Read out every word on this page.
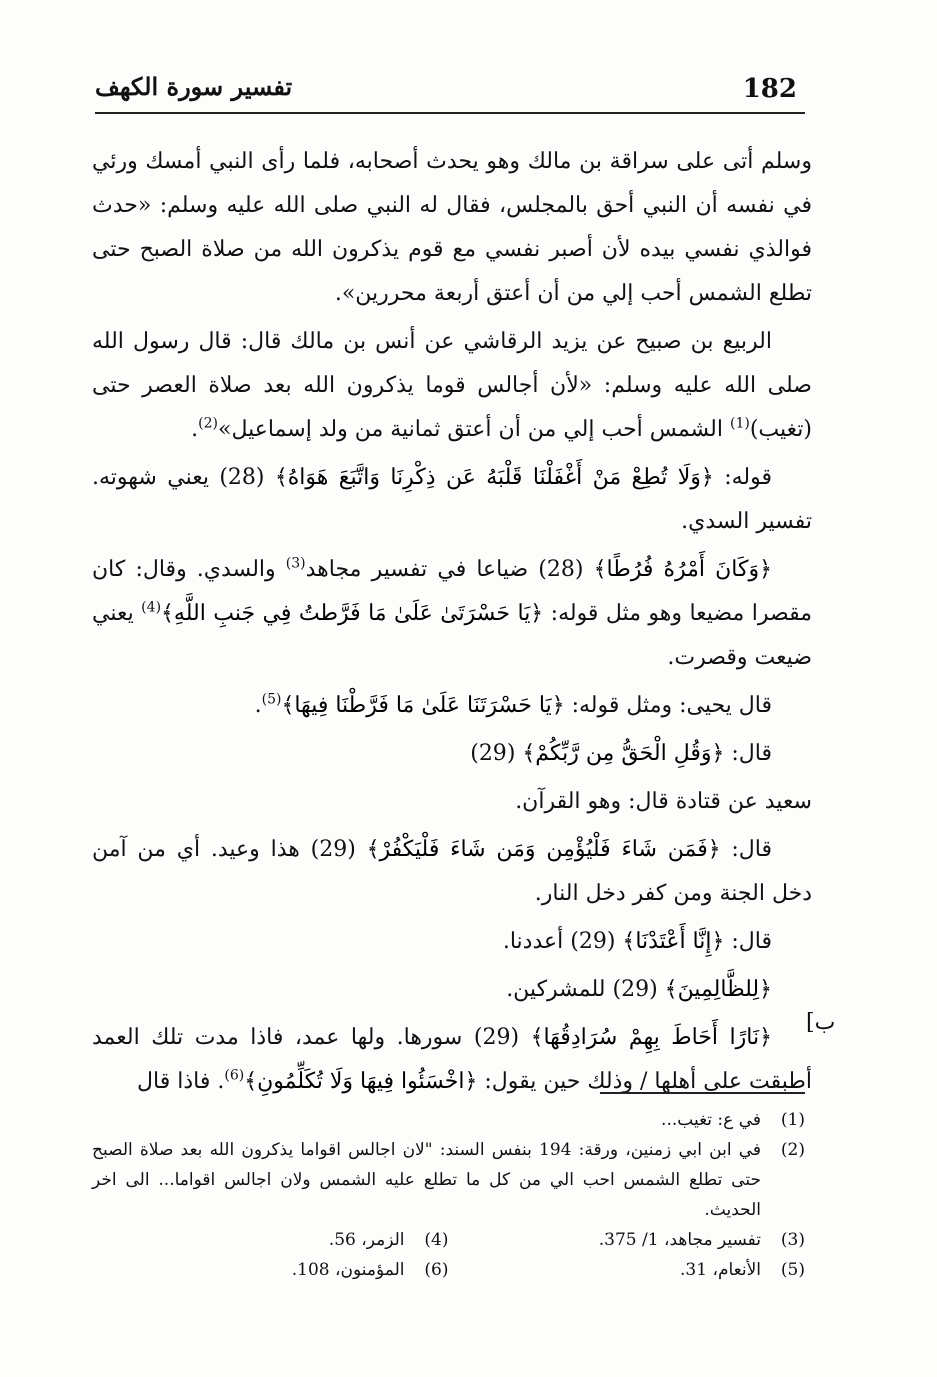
تفسير سورة الكهف	182

وسلم أتى على سراقة بن مالك وهو يحدث أصحابه، فلما رأى النبي أمسك ورئي في نفسه أن النبي أحق بالمجلس، فقال له النبي صلى الله عليه وسلم: «حدث فوالذي نفسي بيده لأن أصبر نفسي مع قوم يذكرون الله من صلاة الصبح حتى تطلع الشمس أحب إلي من أن أعتق أربعة محررين».

الربيع بن صبيح عن يزيد الرقاشي عن أنس بن مالك قال: قال رسول الله صلى الله عليه وسلم: «لأن أجالس قوما يذكرون الله بعد صلاة العصر حتى (تغيب)$^{(1)}$ الشمس أحب إلي من أن أعتق ثمانية من ولد إسماعيل»$^{(2)}$.

قوله: ﴿وَلَا تُطِعْ مَنْ أَغْفَلْنَا قَلْبَهُ عَن ذِكْرِنَا وَاتَّبَعَ هَوَاهُ﴾ (28) يعني شهوته. تفسير السدي.

﴿وَكَانَ أَمْرُهُ فُرُطًا﴾ (28) ضياعا في تفسير مجاهد$^{(3)}$ والسدي. وقال: كان مقصرا مضيعا وهو مثل قوله: ﴿يَا حَسْرَتَىٰ عَلَىٰ مَا فَرَّطتُ فِي جَنبِ اللَّهِ﴾$^{(4)}$ يعني ضيعت وقصرت.

قال يحيى: ومثل قوله: ﴿يَا حَسْرَتَنَا عَلَىٰ مَا فَرَّطْنَا فِيهَا﴾$^{(5)}$.

قال: ﴿وَقُلِ الْحَقُّ مِن رَّبِّكُمْ﴾ (29)

سعيد عن قتادة قال: وهو القرآن.

قال: ﴿فَمَن شَاءَ فَلْيُؤْمِن وَمَن شَاءَ فَلْيَكْفُرْ﴾ (29) هذا وعيد. أي من آمن دخل الجنة ومن كفر دخل النار.

قال: ﴿إِنَّا أَعْتَدْنَا﴾ (29) أعددنا.

﴿لِلظَّالِمِينَ﴾ (29) للمشركين.

﴿نَارًا أَحَاطَ بِهِمْ سُرَادِقُهَا﴾ (29) سورها. ولها عمد، فاذا مدت تلك العمد أطبقت على أهلها / وذلك حين يقول: ﴿اخْسَئُوا فِيهَا وَلَا تُكَلِّمُونِ﴾$^{(6)}$. فاذا قال

ب]
(1)
في ع: تغيب...
(2)
في ابن ابي زمنين، ورقة: 194 بنفس السند: "لان اجالس اقواما يذكرون الله بعد صلاة الصبح حتى تطلع الشمس احب الي من كل ما تطلع عليه الشمس ولان اجالس اقواما... الى اخر الحديث.
(3)
تفسير مجاهد، 1/ 375.
(4)
الزمر، 56.
(5)
الأنعام، 31.
(6)
المؤمنون، 108.
